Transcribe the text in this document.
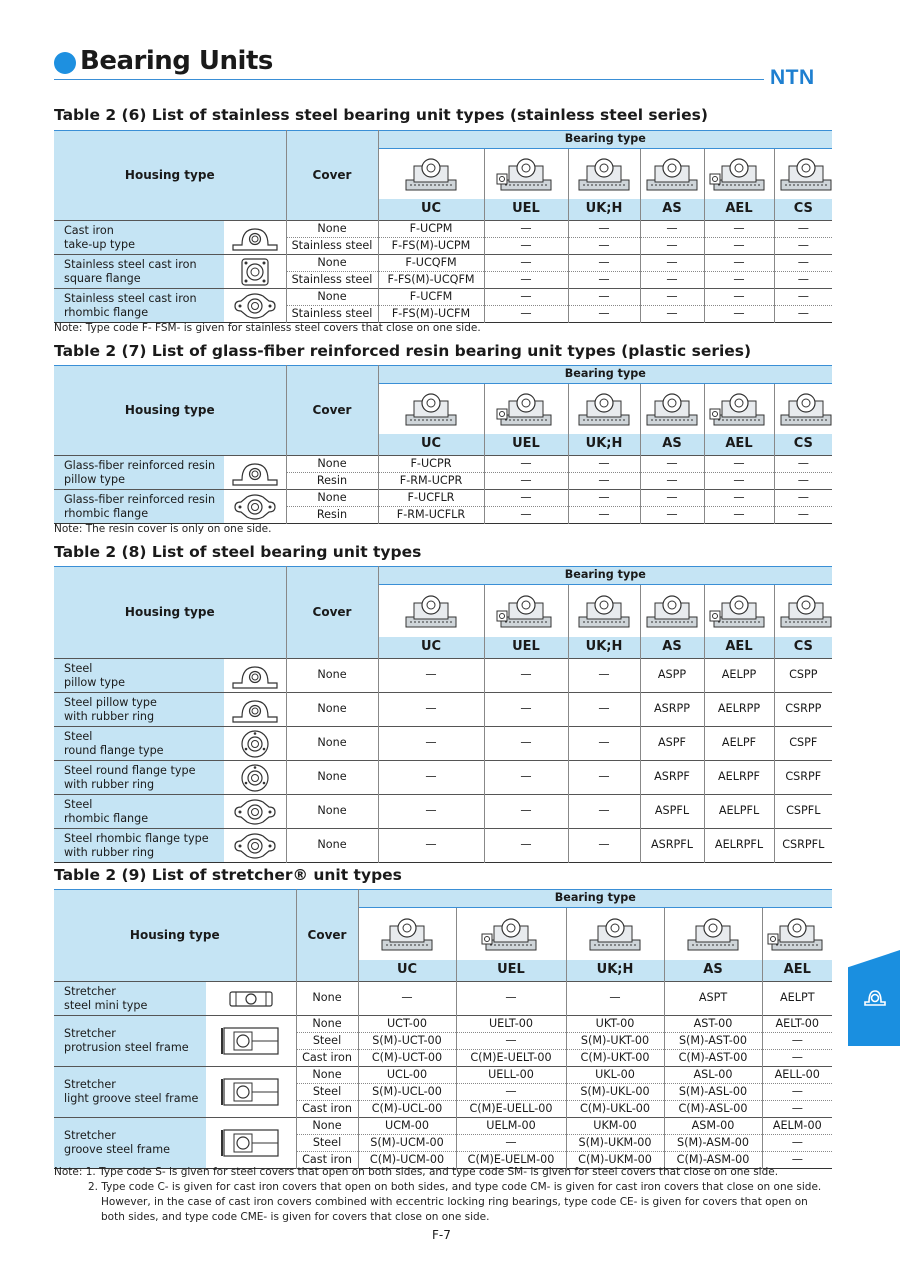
Bearing Units
NTN
Table 2 (6) List of stainless steel bearing unit types (stainless steel series)
Housing type		Cover	Bearing type					

			UC	UEL	UK;H	AS	AEL	CS
Cast iron
take-up type		None	F-UCPM	—	—	—	—	—
		Stainless steel	F-FS(M)-UCPM	—	—	—	—	—
Stainless steel cast iron
square flange		None	F-UCQFM	—	—	—	—	—
		Stainless steel	F-FS(M)-UCQFM	—	—	—	—	—
Stainless steel cast iron
rhombic flange		None	F-UCFM	—	—	—	—	—
		Stainless steel	F-FS(M)-UCFM	—	—	—	—	—
Note: Type code F- FSM- is given for stainless steel covers that close on one side.
Table 2 (7) List of glass-fiber reinforced resin bearing unit types (plastic series)
Housing type		Cover	Bearing type					

			UC	UEL	UK;H	AS	AEL	CS
Glass-fiber reinforced resin
pillow type		None	F-UCPR	—	—	—	—	—
		Resin	F-RM-UCPR	—	—	—	—	—
Glass-fiber reinforced resin
rhombic flange		None	F-UCFLR	—	—	—	—	—
		Resin	F-RM-UCFLR	—	—	—	—	—
Note: The resin cover is only on one side.
Table 2 (8) List of steel bearing unit types
Housing type		Cover	Bearing type					

			UC	UEL	UK;H	AS	AEL	CS
Steel
pillow type		None	—	—	—	ASPP	AELPP	CSPP
Steel pillow type
with rubber ring		None	—	—	—	ASRPP	AELRPP	CSRPP
Steel
round flange type		None	—	—	—	ASPF	AELPF	CSPF
Steel round flange type
with rubber ring		None	—	—	—	ASRPF	AELRPF	CSRPF
Steel
rhombic flange		None	—	—	—	ASPFL	AELPFL	CSPFL
Steel rhombic flange type
with rubber ring		None	—	—	—	ASRPFL	AELRPFL	CSRPFL
Table 2 (9) List of stretcher® unit types
Housing type		Cover	Bearing type				

			UC	UEL	UK;H	AS	AEL
Stretcher
steel mini type		None	—	—	—	ASPT	AELPT
Stretcher
protrusion steel frame		None	UCT-00	UELT-00	UKT-00	AST-00	AELT-00
		Steel	S(M)-UCT-00	—	S(M)-UKT-00	S(M)-AST-00	—
		Cast iron	C(M)-UCT-00	C(M)E-UELT-00	C(M)-UKT-00	C(M)-AST-00	—
Stretcher
light groove steel frame		None	UCL-00	UELL-00	UKL-00	ASL-00	AELL-00
		Steel	S(M)-UCL-00	—	S(M)-UKL-00	S(M)-ASL-00	—
		Cast iron	C(M)-UCL-00	C(M)E-UELL-00	C(M)-UKL-00	C(M)-ASL-00	—
Stretcher
groove steel frame		None	UCM-00	UELM-00	UKM-00	ASM-00	AELM-00
		Steel	S(M)-UCM-00	—	S(M)-UKM-00	S(M)-ASM-00	—
		Cast iron	C(M)-UCM-00	C(M)E-UELM-00	C(M)-UKM-00	C(M)-ASM-00	—
Note: 1. Type code S- is given for steel covers that open on both sides, and type code SM- is given for steel covers that close on one side.
2. Type code C- is given for cast iron covers that open on both sides, and type code CM- is given for cast iron covers that close on one side.
However, in the case of cast iron covers combined with eccentric locking ring bearings, type code CE- is given for covers that open on
both sides, and type code CME- is given for covers that close on one side.
F-7
